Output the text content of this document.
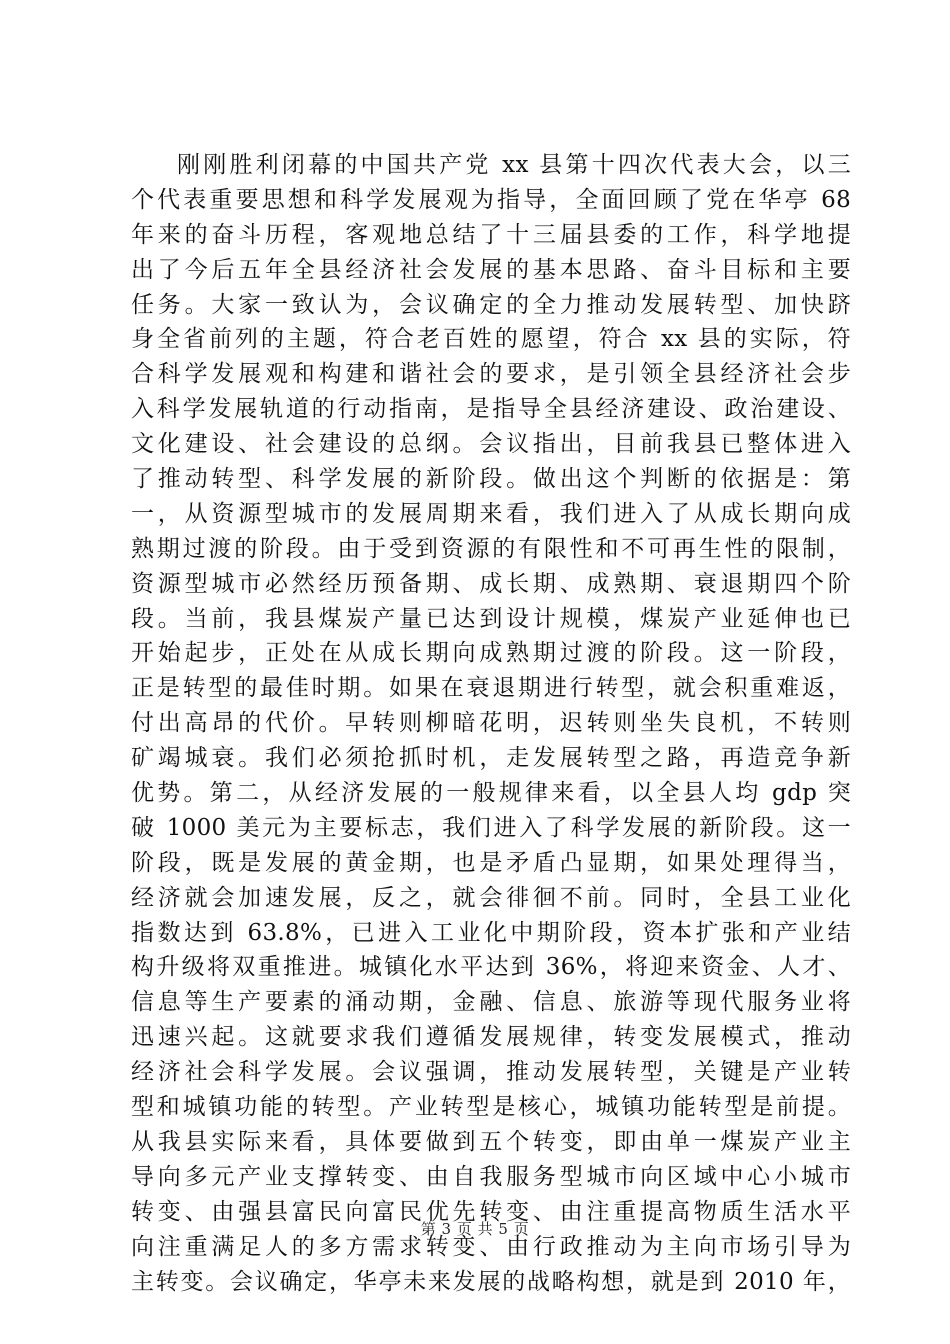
刚刚胜利闭幕的中国共产党 xx 县第十四次代表大会，以三
个代表重要思想和科学发展观为指导，全面回顾了党在华亭 68
年来的奋斗历程，客观地总结了十三届县委的工作，科学地提
出了今后五年全县经济社会发展的基本思路、奋斗目标和主要
任务。大家一致认为，会议确定的全力推动发展转型、加快跻
身全省前列的主题，符合老百姓的愿望，符合 xx 县的实际，符
合科学发展观和构建和谐社会的要求，是引领全县经济社会步
入科学发展轨道的行动指南，是指导全县经济建设、政治建设、
文化建设、社会建设的总纲。会议指出，目前我县已整体进入
了推动转型、科学发展的新阶段。做出这个判断的依据是：第
一，从资源型城市的发展周期来看，我们进入了从成长期向成
熟期过渡的阶段。由于受到资源的有限性和不可再生性的限制，
资源型城市必然经历预备期、成长期、成熟期、衰退期四个阶
段。当前，我县煤炭产量已达到设计规模，煤炭产业延伸也已
开始起步，正处在从成长期向成熟期过渡的阶段。这一阶段，
正是转型的最佳时期。如果在衰退期进行转型，就会积重难返，
付出高昂的代价。早转则柳暗花明，迟转则坐失良机，不转则
矿竭城衰。我们必须抢抓时机，走发展转型之路，再造竞争新
优势。第二，从经济发展的一般规律来看，以全县人均 gdp 突
破 1000 美元为主要标志，我们进入了科学发展的新阶段。这一
阶段，既是发展的黄金期，也是矛盾凸显期，如果处理得当，
经济就会加速发展，反之，就会徘徊不前。同时，全县工业化
指数达到 63.8%，已进入工业化中期阶段，资本扩张和产业结
构升级将双重推进。城镇化水平达到 36%，将迎来资金、人才、
信息等生产要素的涌动期，金融、信息、旅游等现代服务业将
迅速兴起。这就要求我们遵循发展规律，转变发展模式，推动
经济社会科学发展。会议强调，推动发展转型，关键是产业转
型和城镇功能的转型。产业转型是核心，城镇功能转型是前提。
从我县实际来看，具体要做到五个转变，即由单一煤炭产业主
导向多元产业支撑转变、由自我服务型城市向区域中心小城市
转变、由强县富民向富民优先转变、由注重提高物质生活水平
向注重满足人的多方需求转变、由行政推动为主向市场引导为
主转变。会议确定，华亭未来发展的战略构想，就是到 2010 年，
第 3 页 共 5 页
